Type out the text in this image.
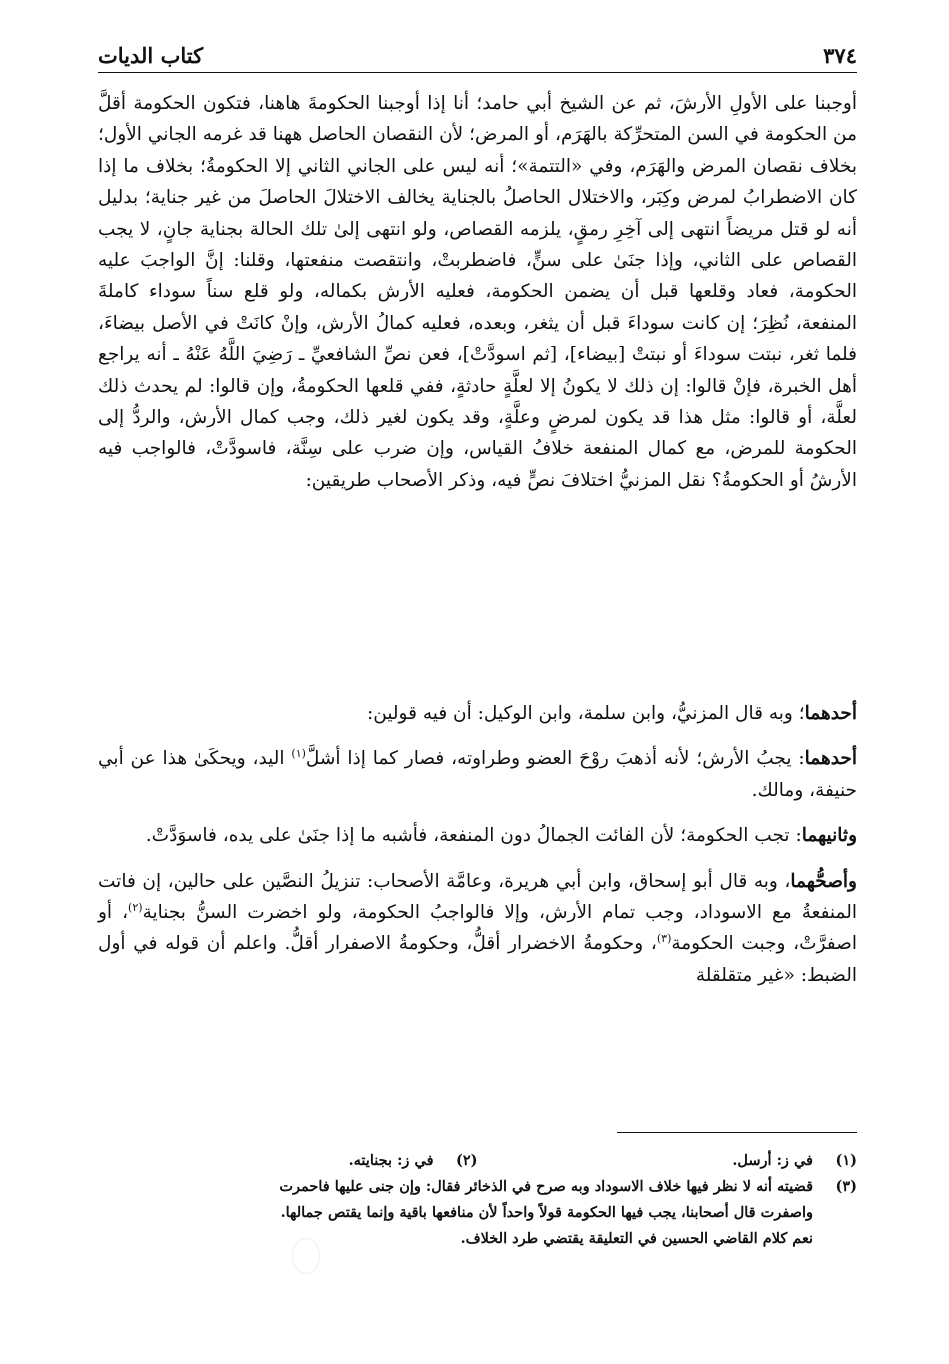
٣٧٤
كتاب الديات

أوجبنا على الأولِ الأرشَ، ثم عن الشيخ أبي حامد؛ أنا إذا أوجبنا الحكومةَ هاهنا، فتكون الحكومة أقلَّ من الحكومة في السن المتحرِّكة بالهَرَم، أو المرض؛ لأن النقصان الحاصل ههنا قد غرمه الجاني الأول؛ بخلاف نقصان المرض والهَرَم، وفي «التتمة»؛ أنه ليس على الجاني الثاني إلا الحكومةُ؛ بخلاف ما إذا كان الاضطرابُ لمرض وكِبَر، والاختلال الحاصلُ بالجناية يخالف الاختلالَ الحاصلَ من غير جناية؛ بدليل أنه لو قتل مريضاً انتهى إلى آخِرِ رمقٍ، يلزمه القصاص، ولو انتهى إلىٰ تلك الحالة بجناية جانٍ، لا يجب القصاص على الثاني، وإذا جنَىٰ على سنٍّ، فاضطربتْ، وانتقصت منفعتها، وقلنا: إنَّ الواجبَ عليه الحكومة، فعاد وقلعها قبل أن يضمن الحكومة، فعليه الأرش بكماله، ولو قلع سناً سوداء كاملةَ المنفعة، نُظِرَ؛ إن كانت سوداءَ قبل أن يثغر، وبعده، فعليه كمالُ الأرش، وإنْ كانَتْ في الأصل بيضاءَ، فلما ثغر، نبتت سوداءَ أو نبتتْ [بيضاء]، [ثم اسودَّتْ]، فعن نصِّ الشافعيِّ ـ رَضِيَ اللَّهُ عَنْهُ ـ أنه يراجع أهل الخبرة، فإنْ قالوا: إن ذلك لا يكونُ إلا لعلَّةٍ حادثةٍ، ففي قلعها الحكومةُ، وإن قالوا: لم يحدث ذلك لعلَّة، أو قالوا: مثل هذا قد يكون لمرضٍ وعلَّةٍ، وقد يكون لغير ذلك، وجب كمال الأرش، والردُّ إلى الحكومة للمرض، مع كمال المنفعة خلافُ القياس، وإن ضرب على سِنَّة، فاسودَّتْ، فالواجب فيه الأرشُ أو الحكومةُ؟ نقل المزنيُّ اختلافَ نصٍّ فيه، وذكر الأصحاب طريقين:

أحدهما؛ وبه قال المزنيُّ، وابن سلمة، وابن الوكيل: أن فيه قولين:

أحدهما: يجبُ الأرش؛ لأنه أذهبَ روْحَ العضو وطراوته، فصار كما إذا أشلَّ$^{(١)}$ اليد، ويحكَىٰ هذا عن أبي حنيفة، ومالك.

وثانيهما: تجب الحكومة؛ لأن الفائت الجمالُ دون المنفعة، فأشبه ما إذا جنَىٰ على يده، فاسوَدَّتْ.

وأصحُّهما، وبه قال أبو إسحاق، وابن أبي هريرة، وعامَّة الأصحاب: تنزيلُ النصَّين على حالين، إن فاتت المنفعةُ مع الاسوداد، وجب تمام الأرش، وإلا فالواجبُ الحكومة، ولو اخضرت السنُّ بجناية$^{(٢)}$، أو اصفرَّتْ، وجبت الحكومة$^{(٣)}$، وحكومةُ الاخضرار أقلُّ، وحكومةُ الاصفرار أقلُّ. واعلم أن قوله في أول الضبط: «غير متقلقلة

(١)في ز: أرسل.
(٢)في ز: بجنايته.
(٣)قضيته أنه لا نظر فيها خلاف الاسوداد وبه صرح في الذخائر فقال: وإن جنى عليها فاحمرت
واصفرت قال أصحابنا، يجب فيها الحكومة قولاً واحداً لأن منافعها باقية وإنما يقتص جمالها.
نعم كلام القاضي الحسين في التعليقة يقتضي طرد الخلاف.
